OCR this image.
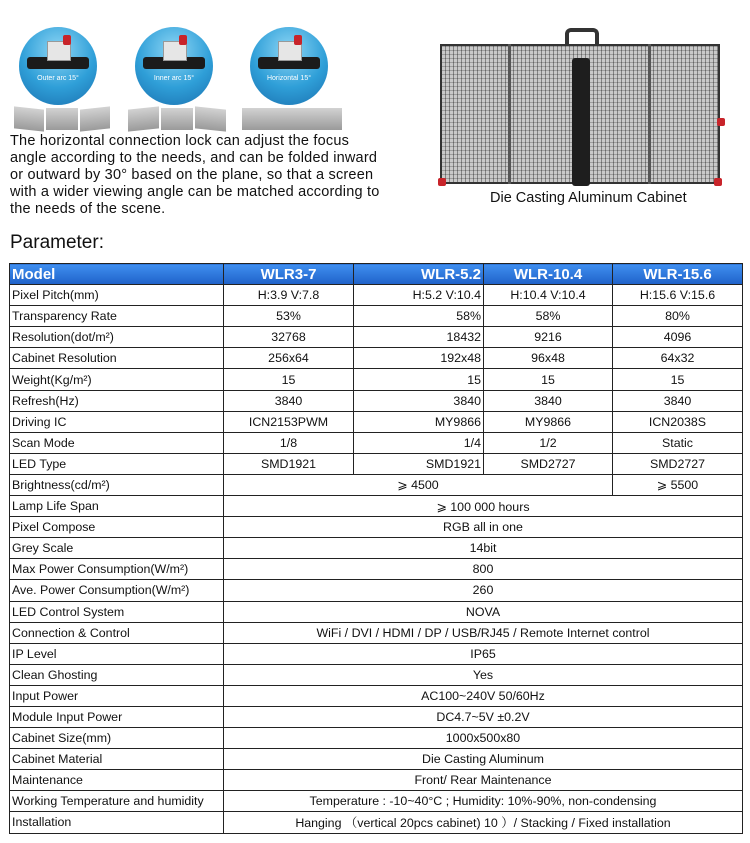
Outer arc 15°	Inner arc 15°	Horizontal 15°

The horizontal connection lock can adjust the focus angle according to the needs, and can be folded inward or outward by 30° based on the plane, so that a screen with a wider viewing angle can be matched according to the needs of the scene.

Die Casting Aluminum Cabinet

Parameter:
Model	WLR3-7	WLR-5.2	WLR-10.4	WLR-15.6
Pixel Pitch(mm)	H:3.9 V:7.8	H:5.2 V:10.4	H:10.4 V:10.4	H:15.6 V:15.6
Transparency Rate	53%	58%	58%	80%
Resolution(dot/m²)	32768	18432	9216	4096
Cabinet Resolution	256x64	192x48	96x48	64x32
Weight(Kg/m²)	15	15	15	15
Refresh(Hz)	3840	3840	3840	3840
Driving IC	ICN2153PWM	MY9866	MY9866	ICN2038S
Scan Mode	1/8	1/4	1/2	Static
LED Type	SMD1921	SMD1921	SMD2727	SMD2727
Brightness(cd/m²)	⩾ 4500			⩾ 5500
Lamp Life Span	⩾ 100 000 hours			
Pixel Compose	RGB all in one			
Grey Scale	14bit			
Max Power Consumption(W/m²)	800			
Ave. Power Consumption(W/m²)	260			
LED Control System	NOVA			
Connection & Control	WiFi / DVI / HDMI / DP / USB/RJ45 / Remote Internet control			
IP Level	IP65			
Clean Ghosting	Yes			
Input Power	AC100~240V 50/60Hz			
Module Input Power	DC4.7~5V ±0.2V			
Cabinet Size(mm)	1000x500x80			
Cabinet Material	Die Casting Aluminum			
Maintenance	Front/ Rear Maintenance			
Working Temperature and humidity	Temperature : -10~40°C ; Humidity: 10%-90%, non-condensing			
Installation	Hanging （vertical 20pcs cabinet) 10 ）/ Stacking / Fixed installation			
